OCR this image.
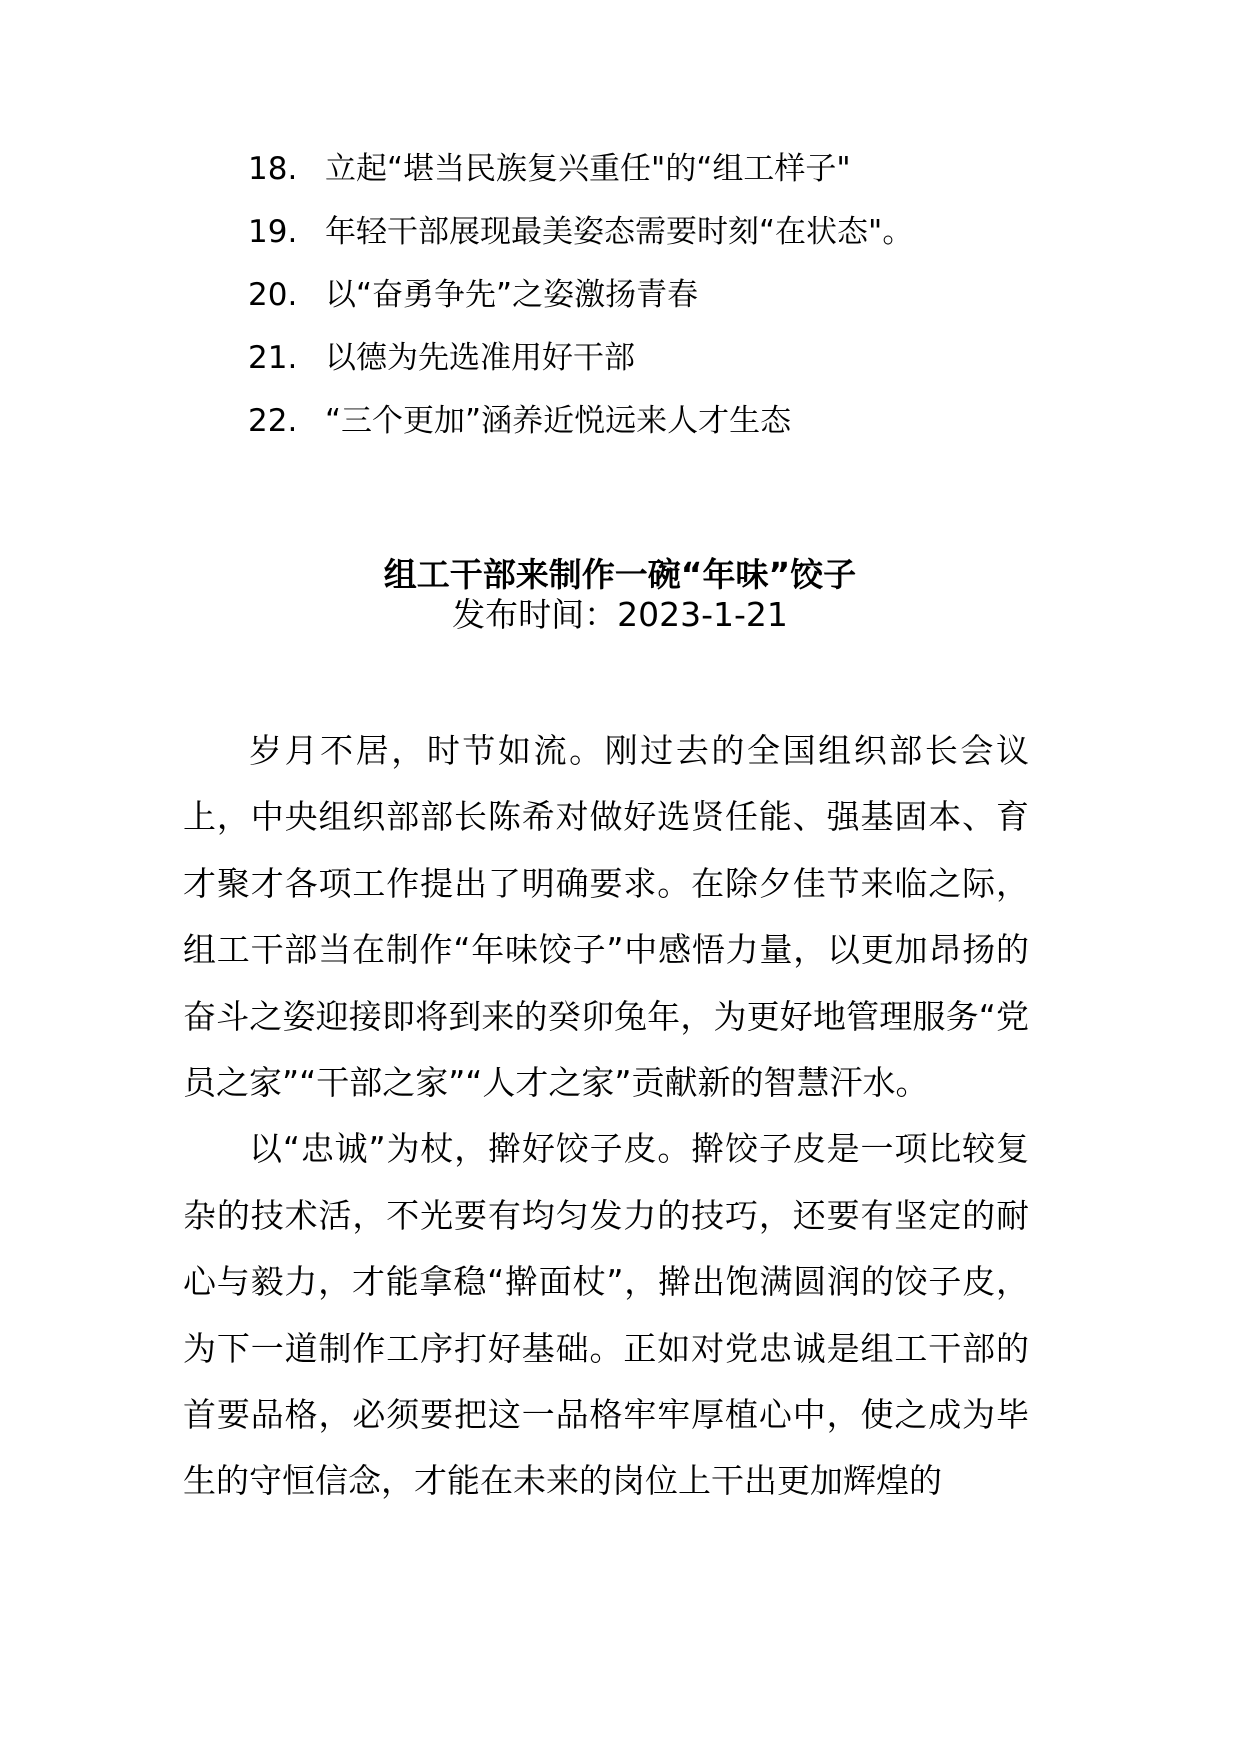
18. 立起“堪当民族复兴重任"的“组工样子"
19. 年轻干部展现最美姿态需要时刻“在状态"。
20. 以“奋勇争先”之姿激扬青春
21. 以德为先选准用好干部
22. “三个更加”涵养近悦远来人才生态
组工干部来制作一碗“年味”饺子
发布时间：2023-1-21

岁月不居，时节如流。刚过去的全国组织部长会议上，中央组织部部长陈希对做好选贤任能、强基固本、育才聚才各项工作提出了明确要求。在除夕佳节来临之际，组工干部当在制作“年味饺子”中感悟力量，以更加昂扬的奋斗之姿迎接即将到来的癸卯兔年，为更好地管理服务“党员之家”“干部之家”“人才之家”贡献新的智慧汗水。

以“忠诚”为杖，擀好饺子皮。擀饺子皮是一项比较复杂的技术活，不光要有均匀发力的技巧，还要有坚定的耐心与毅力，才能拿稳“擀面杖”，擀出饱满圆润的饺子皮，为下一道制作工序打好基础。正如对党忠诚是组工干部的首要品格，必须要把这一品格牢牢厚植心中，使之成为毕生的守恒信念，才能在未来的岗位上干出更加辉煌的
